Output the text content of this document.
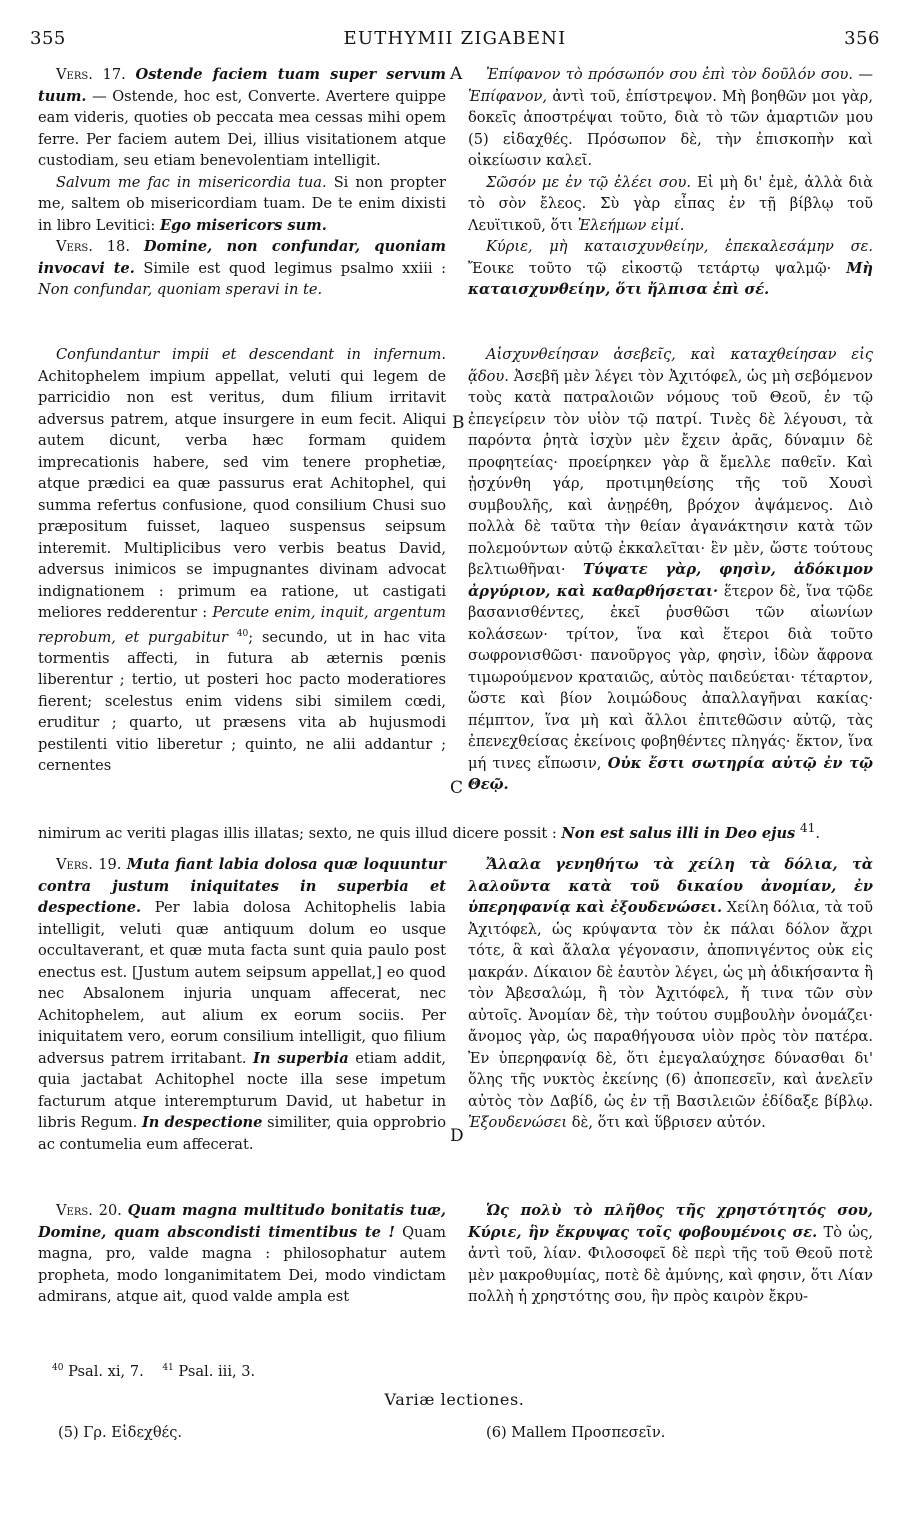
355	EUTHYMII ZIGABENI	356
A
B
C
D

Vers. 17. Ostende faciem tuam super servum tuum. — Ostende, hoc est, Converte. Avertere quippe eam videris, quoties ob peccata mea cessas mihi opem ferre. Per faciem autem Dei, illius visitationem atque custodiam, seu etiam benevolentiam intelligit.

Salvum me fac in misericordia tua. Si non propter me, saltem ob misericordiam tuam. De te enim dixisti in libro Levitici: Ego misericors sum.

Vers. 18. Domine, non confundar, quoniam invocavi te. Simile est quod legimus psalmo xxiii : Non confundar, quoniam speravi in te.

Confundantur impii et descendant in infernum. Achitophelem impium appellat, veluti qui legem de parricidio non est veritus, dum filium irritavit adversus patrem, atque insurgere in eum fecit. Aliqui autem dicunt, verba hæc formam quidem imprecationis habere, sed vim tenere prophetiæ, atque prædici ea quæ passurus erat Achitophel, qui summa refertus confusione, quod consilium Chusi suo præpositum fuisset, laqueo suspensus seipsum interemit. Multiplicibus vero verbis beatus David, adversus inimicos se impugnantes divinam advocat indignationem : primum ea ratione, ut castigati meliores redderentur : Percute enim, inquit, argentum reprobum, et purgabitur $^{40}$; secundo, ut in hac vita tormentis affecti, in futura ab æternis pœnis liberentur ; tertio, ut posteri hoc pacto moderatiores fierent; scelestus enim videns sibi similem cœdi, eruditur ; quarto, ut præsens vita ab hujusmodi pestilenti vitio liberetur ; quinto, ne alii addantur ; cernentes

Vers. 19. Muta fiant labia dolosa quæ loquuntur contra justum iniquitates in superbia et despectione. Per labia dolosa Achitophelis labia intelligit, veluti quæ antiquum dolum eo usque occultaverant, et quæ muta facta sunt quia paulo post enectus est. [Justum autem seipsum appellat,] eo quod nec Absalonem injuria unquam affecerat, nec Achitophelem, aut alium ex eorum sociis. Per iniquitatem vero, eorum consilium intelligit, quo filium adversus patrem irritabant. In superbia etiam addit, quia jactabat Achitophel nocte illa sese impetum facturum atque interempturum David, ut habetur in libris Regum. In despectione similiter, quia opprobrio ac contumelia eum affecerat.

Vers. 20. Quam magna multitudo bonitatis tuæ, Domine, quam abscondisti timentibus te ! Quam magna, pro, valde magna : philosophatur autem propheta, modo longanimitatem Dei, modo vindictam admirans, atque ait, quod valde ampla est

Ἐπίφανον τὸ πρόσωπόν σου ἐπὶ τὸν δοῦλόν σου. — Ἐπίφανον, ἀντὶ τοῦ, ἐπίστρεψον. Μὴ βοηθῶν μοι γὰρ, δοκεῖς ἀποστρέψαι τοῦτο, διὰ τὸ τῶν ἁμαρτιῶν μου (5) εἰδαχθές. Πρόσωπον δὲ, τὴν ἐπισκοπὴν καὶ οἰκείωσιν καλεῖ.

Σῶσόν με ἐν τῷ ἐλέει σου. Εἰ μὴ δι' ἐμὲ, ἀλλὰ διὰ τὸ σὸν ἔλεος. Σὺ γὰρ εἶπας ἐν τῇ βίβλῳ τοῦ Λευϊτικοῦ, ὅτι Ἐλεήμων εἰμί.

Κύριε, μὴ καταισχυνθείην, ἐπεκαλεσάμην σε. Ἔοικε τοῦτο τῷ εἰκοστῷ τετάρτῳ ψαλμῷ· Μὴ καταισχυνθείην, ὅτι ἤλπισα ἐπὶ σέ.

Αἰσχυνθείησαν ἀσεβεῖς, καὶ καταχθείησαν εἰς ᾅδου. Ἀσεβῆ μὲν λέγει τὸν Ἀχιτόφελ, ὡς μὴ σεβόμενον τοὺς κατὰ πατραλοιῶν νόμους τοῦ Θεοῦ, ἐν τῷ ἐπεγείρειν τὸν υἱὸν τῷ πατρί. Τινὲς δὲ λέγουσι, τὰ παρόντα ῥητὰ ἰσχὺν μὲν ἔχειν ἀρᾶς, δύναμιν δὲ προφητείας· προείρηκεν γὰρ ἃ ἔμελλε παθεῖν. Καὶ ᾐσχύνθη γάρ, προτιμηθείσης τῆς τοῦ Χουσὶ συμβουλῆς, καὶ ἀνῃρέθη, βρόχον ἀψάμενος. Διὸ πολλὰ δὲ ταῦτα τὴν θείαν ἀγανάκτησιν κατὰ τῶν πολεμούντων αὐτῷ ἐκκαλεῖται· ἓν μὲν, ὥστε τούτους βελτιωθῆναι· Τύψατε γὰρ, φησὶν, ἀδόκιμον ἀργύριον, καὶ καθαρθήσεται· ἕτερον δὲ, ἵνα τῷδε βασανισθέντες, ἐκεῖ ῥυσθῶσι τῶν αἰωνίων κολάσεων· τρίτον, ἵνα καὶ ἕτεροι διὰ τοῦτο σωφρονισθῶσι· πανοῦργος γὰρ, φησὶν, ἰδὼν ἄφρονα τιμωρούμενον κραταιῶς, αὐτὸς παιδεύεται· τέταρτον, ὥστε καὶ βίον λοιμώδους ἀπαλλαγῆναι κακίας· πέμπτον, ἵνα μὴ καὶ ἄλλοι ἐπιτεθῶσιν αὐτῷ, τὰς ἐπενεχθείσας ἐκείνοις φοβηθέντες πληγάς· ἕκτον, ἵνα μή τινες εἴπωσιν, Οὐκ ἔστι σωτηρία αὐτῷ ἐν τῷ Θεῷ.

Ἄλαλα γενηθήτω τὰ χείλη τὰ δόλια, τὰ λαλοῦντα κατὰ τοῦ δικαίου ἀνομίαν, ἐν ὑπερηφανίᾳ καὶ ἐξουδενώσει. Χείλη δόλια, τὰ τοῦ Ἀχιτόφελ, ὡς κρύψαντα τὸν ἐκ πάλαι δόλον ἄχρι τότε, ἃ καὶ ἄλαλα γέγονασιν, ἀποπνιγέντος οὐκ εἰς μακράν. Δίκαιον δὲ ἑαυτὸν λέγει, ὡς μὴ ἀδικήσαντα ἢ τὸν Ἀβεσαλώμ, ἢ τὸν Ἀχιτόφελ, ἤ τινα τῶν σὺν αὐτοῖς. Ἀνομίαν δὲ, τὴν τούτου συμβουλὴν ὀνομάζει· ἄνομος γὰρ, ὡς παραθήγουσα υἱὸν πρὸς τὸν πατέρα. Ἐν ὑπερηφανίᾳ δὲ, ὅτι ἐμεγαλαύχησε δύνασθαι δι' ὅλης τῆς νυκτὸς ἐκείνης (6) ἀποπεσεῖν, καὶ ἀνελεῖν αὐτὸς τὸν Δαβίδ, ὡς ἐν τῇ Βασιλειῶν ἐδίδαξε βίβλῳ. Ἐξουδενώσει δὲ, ὅτι καὶ ὕβρισεν αὐτόν.

Ὡς πολὺ τὸ πλῆθος τῆς χρηστότητός σου, Κύριε, ἣν ἔκρυψας τοῖς φοβουμένοις σε. Τὸ ὡς, ἀντὶ τοῦ, λίαν. Φιλοσοφεῖ δὲ περὶ τῆς τοῦ Θεοῦ ποτὲ μὲν μακροθυμίας, ποτὲ δὲ ἀμύνης, καὶ φησιν, ὅτι Λίαν πολλὴ ἡ χρηστότης σου, ἣν πρὸς καιρὸν ἔκρυ-

nimirum ac veriti plagas illis illatas; sexto, ne quis illud dicere possit : Non est salus illi in Deo ejus $^{41}$.
$^{40}$ Psal. xi, 7. $^{41}$ Psal. iii, 3.
Variæ lectiones.
(5) Γρ. Εἰδεχθές.	(6) Mallem Προσπεσεῖν.
